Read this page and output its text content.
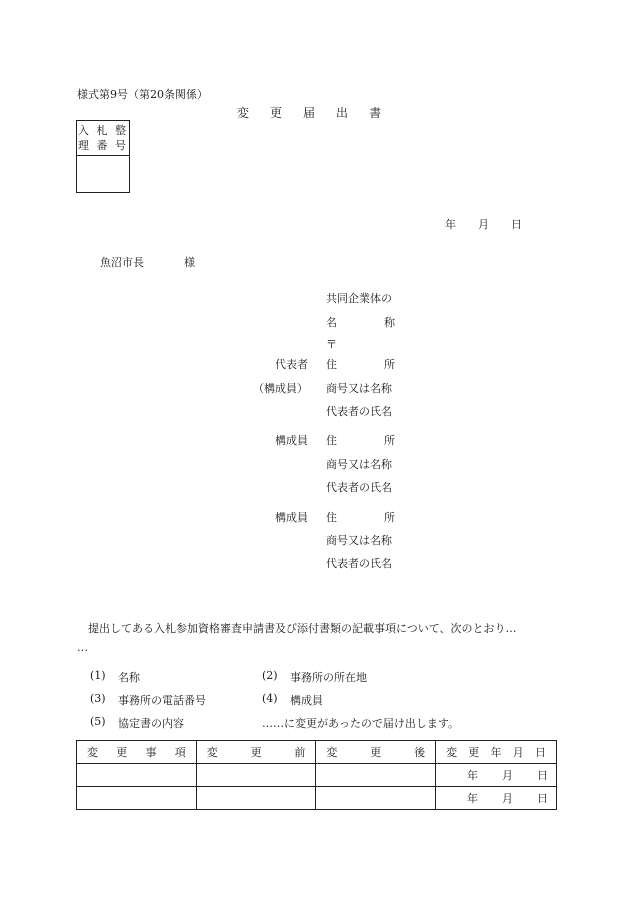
様式第9号（第20条関係）
変 更 届 出 書
入 札 整
理 番 号
年 月 日
魚沼市長	様
共同企業体の
名	称
〒
代表者 住	所
（構成員） 商号又は名称
代表者の氏名
構成員 住	所
商号又は名称
代表者の氏名
構成員 住	所
商号又は名称
代表者の氏名
提出してある入札参加資格審査申請書及び添付書類の記載事項について、次のとおり…
…
(1) 名称	(2) 事務所の所在地
(3) 事務所の電話番号	(4) 構成員
(5) 協定書の内容	……に変更があったので届け出します。
変 更 事 項	変 更 前	変 更 後	変 更 年 月 日

			年 月 日

			年 月 日
